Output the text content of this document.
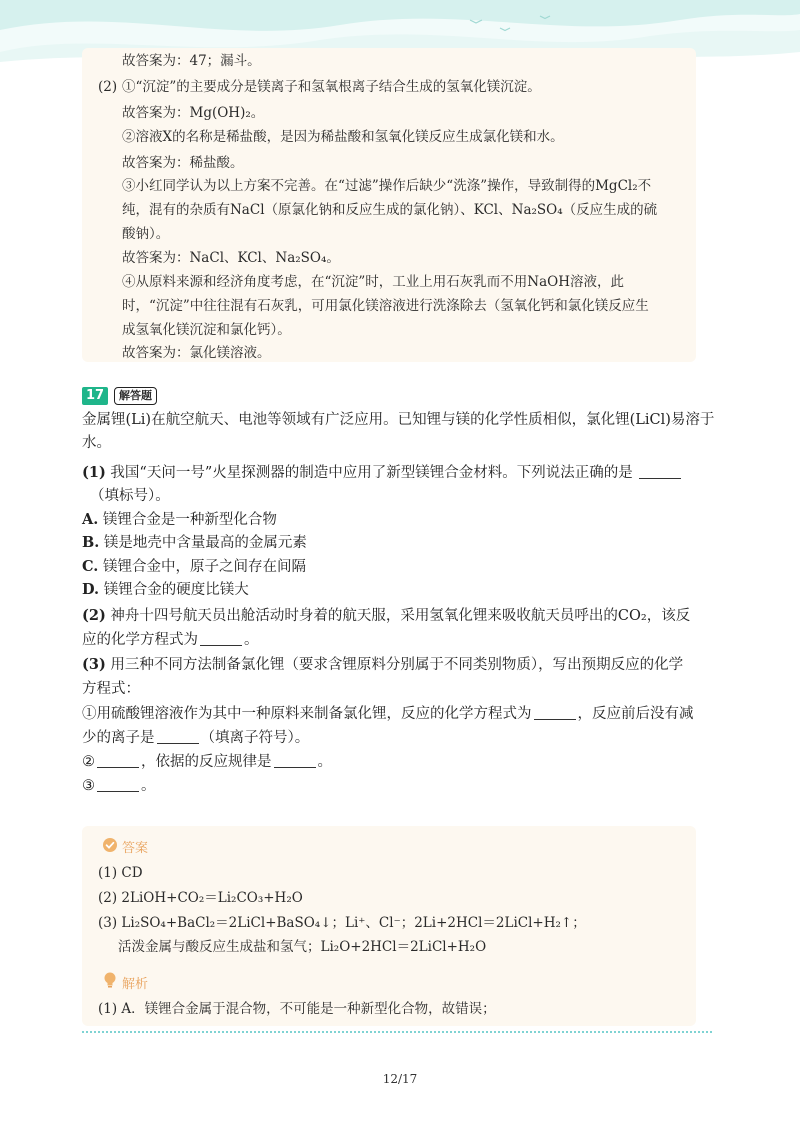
故答案为：47；漏斗。
(2) ①“沉淀”的主要成分是镁离子和氢氧根离子结合生成的氢氧化镁沉淀。
故答案为：Mg(OH)₂。
②溶液X的名称是稀盐酸，是因为稀盐酸和氢氧化镁反应生成氯化镁和水。
故答案为：稀盐酸。
③小红同学认为以上方案不完善。在“过滤”操作后缺少“洗涤”操作，导致制得的MgCl₂不
纯，混有的杂质有NaCl（原氯化钠和反应生成的氯化钠）、KCl、Na₂SO₄（反应生成的硫
酸钠）。
故答案为：NaCl、KCl、Na₂SO₄。
④从原料来源和经济角度考虑，在“沉淀”时，工业上用石灰乳而不用NaOH溶液，此
时，“沉淀”中往往混有石灰乳，可用氯化镁溶液进行洗涤除去（氢氧化钙和氯化镁反应生
成氢氧化镁沉淀和氯化钙）。
故答案为：氯化镁溶液。
17	解答题
金属锂(Li)在航空航天、电池等领域有广泛应用。已知锂与镁的化学性质相似，氯化锂(LiCl)易溶于
水。
(1) 我国“天问一号”火星探测器的制造中应用了新型镁锂合金材料。下列说法正确的是
（填标号）。
A. 镁锂合金是一种新型化合物
B. 镁是地壳中含量最高的金属元素
C. 镁锂合金中，原子之间存在间隔
D. 镁锂合金的硬度比镁大
(2) 神舟十四号航天员出舱活动时身着的航天服，采用氢氧化锂来吸收航天员呼出的CO₂，该反
应的化学方程式为	。
(3) 用三种不同方法制备氯化锂（要求含锂原料分别属于不同类别物质），写出预期反应的化学
方程式：
①用硫酸锂溶液作为其中一种原料来制备氯化锂，反应的化学方程式为	，反应前后没有减
少的离子是	（填离子符号）。
②	，依据的反应规律是	。
③	。
答案
(1) CD
(2) 2LiOH+CO₂＝Li₂CO₃+H₂O
(3) Li₂SO₄+BaCl₂＝2LiCl+BaSO₄↓；Li⁺、Cl⁻；2Li+2HCl＝2LiCl+H₂↑；
活泼金属与酸反应生成盐和氢气；Li₂O+2HCl＝2LiCl+H₂O
解析
(1) A．镁锂合金属于混合物，不可能是一种新型化合物，故错误；
12/17
